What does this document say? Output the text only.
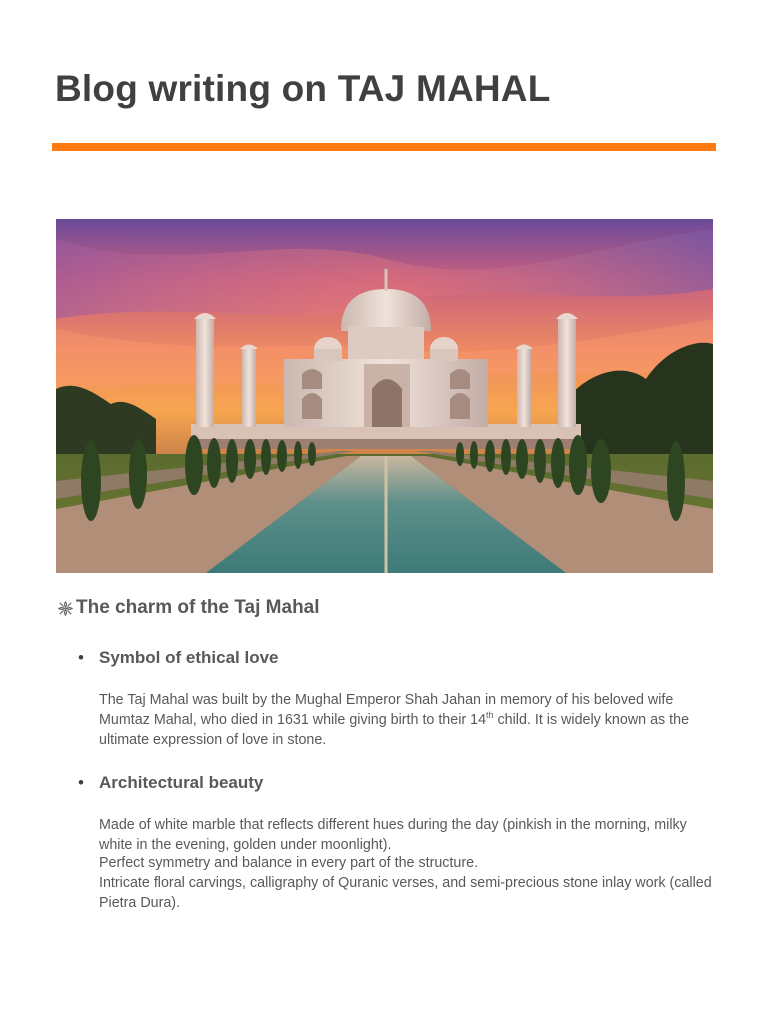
Blog writing on TAJ MAHAL
The charm of the Taj Mahal
• Symbol of ethical love

The Taj Mahal was built by the Mughal Emperor Shah Jahan in memory of his beloved wife Mumtaz Mahal, who died in 1631 while giving birth to their 14th child. It is widely known as the ultimate expression of love in stone.

• Architectural beauty

Made of white marble that reflects different hues during the day (pinkish in the morning, milky white in the evening, golden under moonlight).

Perfect symmetry and balance in every part of the structure.

Intricate floral carvings, calligraphy of Quranic verses, and semi-precious stone inlay work (called Pietra Dura).
